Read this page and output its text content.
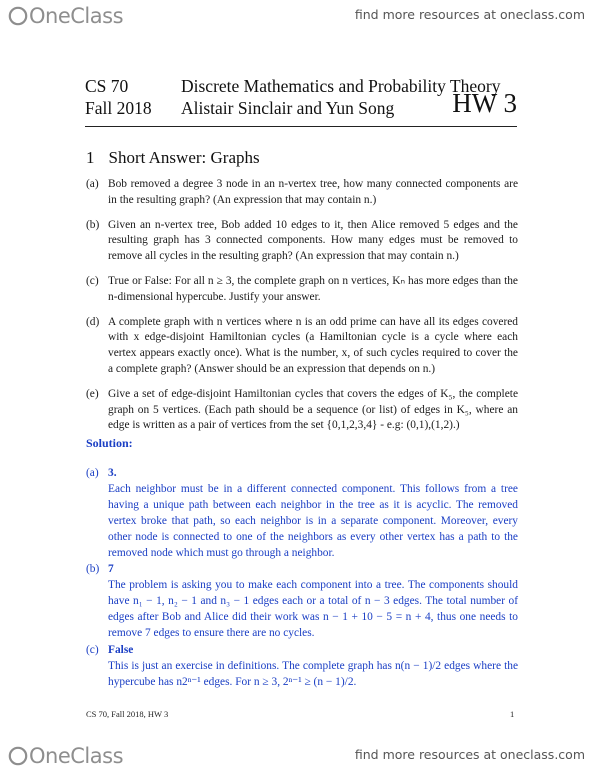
OneClass	find more resources at oneclass.com
CS 70
Fall 2018
Discrete Mathematics and Probability Theory
Alistair Sinclair and Yun Song HW 3
1 Short Answer: Graphs
(a) Bob removed a degree 3 node in an n-vertex tree, how many connected components are in the resulting graph? (An expression that may contain n.)
(b) Given an n-vertex tree, Bob added 10 edges to it, then Alice removed 5 edges and the resulting graph has 3 connected components. How many edges must be removed to remove all cycles in the resulting graph? (An expression that may contain n.)
(c) True or False: For all n ≥ 3, the complete graph on n vertices, Kₙ has more edges than the n-dimensional hypercube. Justify your answer.
(d) A complete graph with n vertices where n is an odd prime can have all its edges covered with x edge-disjoint Hamiltonian cycles (a Hamiltonian cycle is a cycle where each vertex appears exactly once). What is the number, x, of such cycles required to cover the a complete graph? (Answer should be an expression that depends on n.)
(e) Give a set of edge-disjoint Hamiltonian cycles that covers the edges of K₅, the complete graph on 5 vertices. (Each path should be a sequence (or list) of edges in K₅, where an edge is written as a pair of vertices from the set {0,1,2,3,4} - e.g: (0,1),(1,2).)
Solution:
(a) 3.
Each neighbor must be in a different connected component. This follows from a tree having a unique path between each neighbor in the tree as it is acyclic. The removed vertex broke that path, so each neighbor is in a separate component. Moreover, every other node is connected to one of the neighbors as every other vertex has a path to the removed node which must go through a neighbor.
(b) 7
The problem is asking you to make each component into a tree. The components should have n₁ − 1, n₂ − 1 and n₃ − 1 edges each or a total of n − 3 edges. The total number of edges after Bob and Alice did their work was n − 1 + 10 − 5 = n + 4, thus one needs to remove 7 edges to ensure there are no cycles.
(c) False
This is just an exercise in definitions. The complete graph has n(n − 1)/2 edges where the hypercube has n2ⁿ⁻¹ edges. For n ≥ 3, 2ⁿ⁻¹ ≥ (n − 1)/2.
CS 70, Fall 2018, HW 3	1
OneClass	find more resources at oneclass.com
